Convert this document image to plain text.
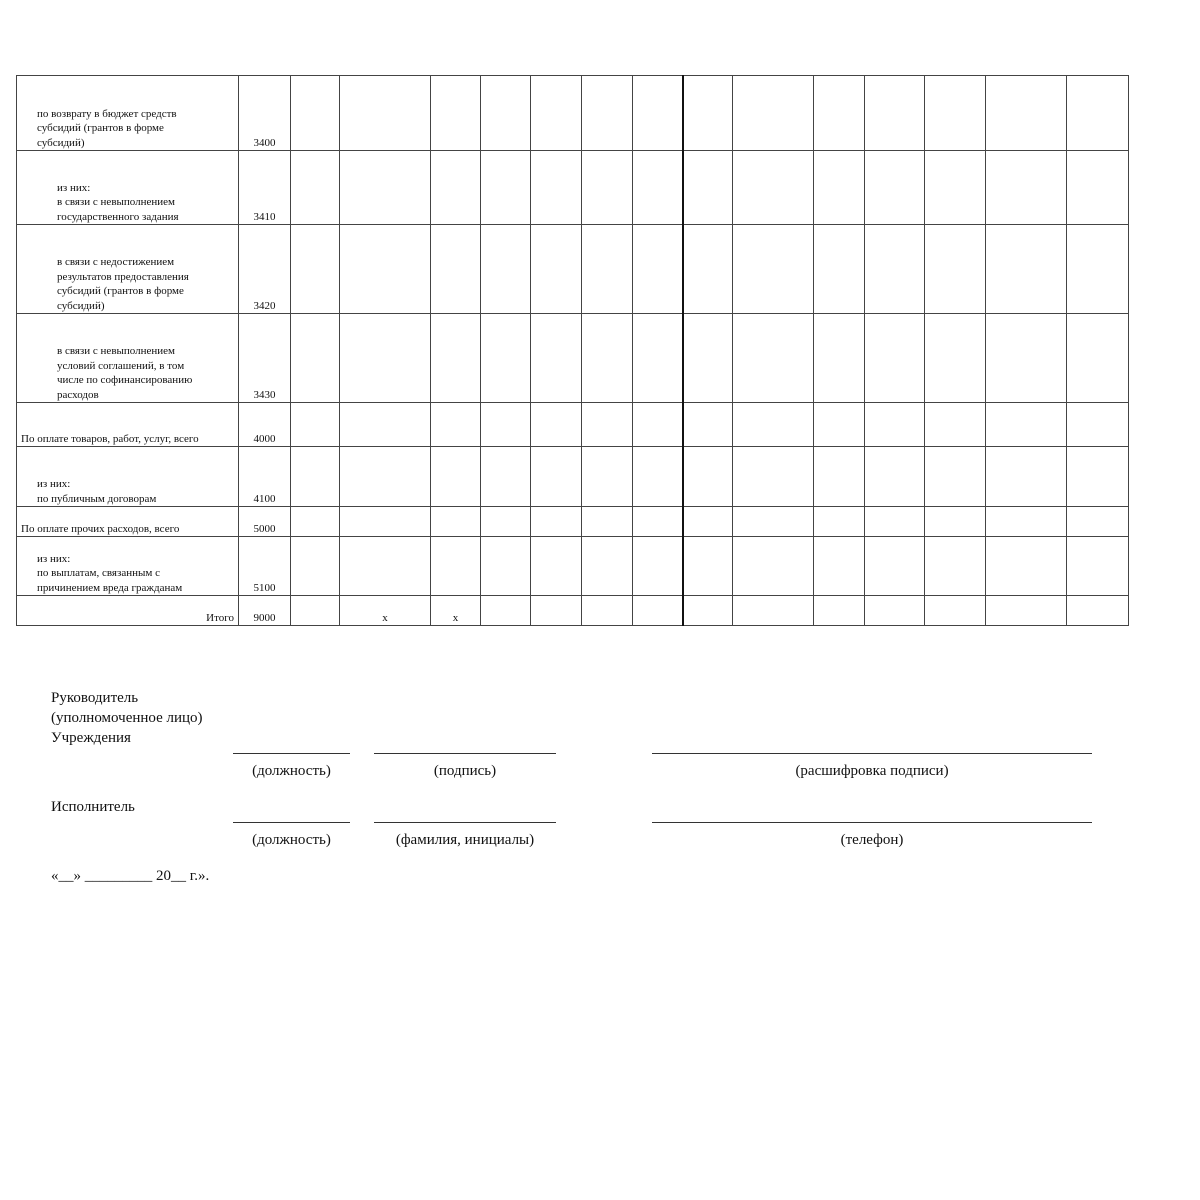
по возврату в бюджет средств
субсидий (грантов в форме
субсидий)	3400														

из них:
в связи с невыполнением
государственного задания	3410														

в связи с недостижением
результатов предоставления
субсидий (грантов в форме
субсидий)	3420														

в связи с невыполнением
условий соглашений, в том
числе по софинансированию
расходов	3430														

По оплате товаров, работ, услуг, всего	4000														

из них:
по публичным договорам	4100														

По оплате прочих расходов, всего	5000														

из них:
по выплатам, связанным с
причинением вреда гражданам	5100														

Итого	9000		x	x											
Руководитель
(уполномоченное лицо)
Учреждения
(должность)	(подпись)	(расшифровка подписи)
Исполнитель
(должность)	(фамилия, инициалы)	(телефон)
«__» _________ 20__ г.».
